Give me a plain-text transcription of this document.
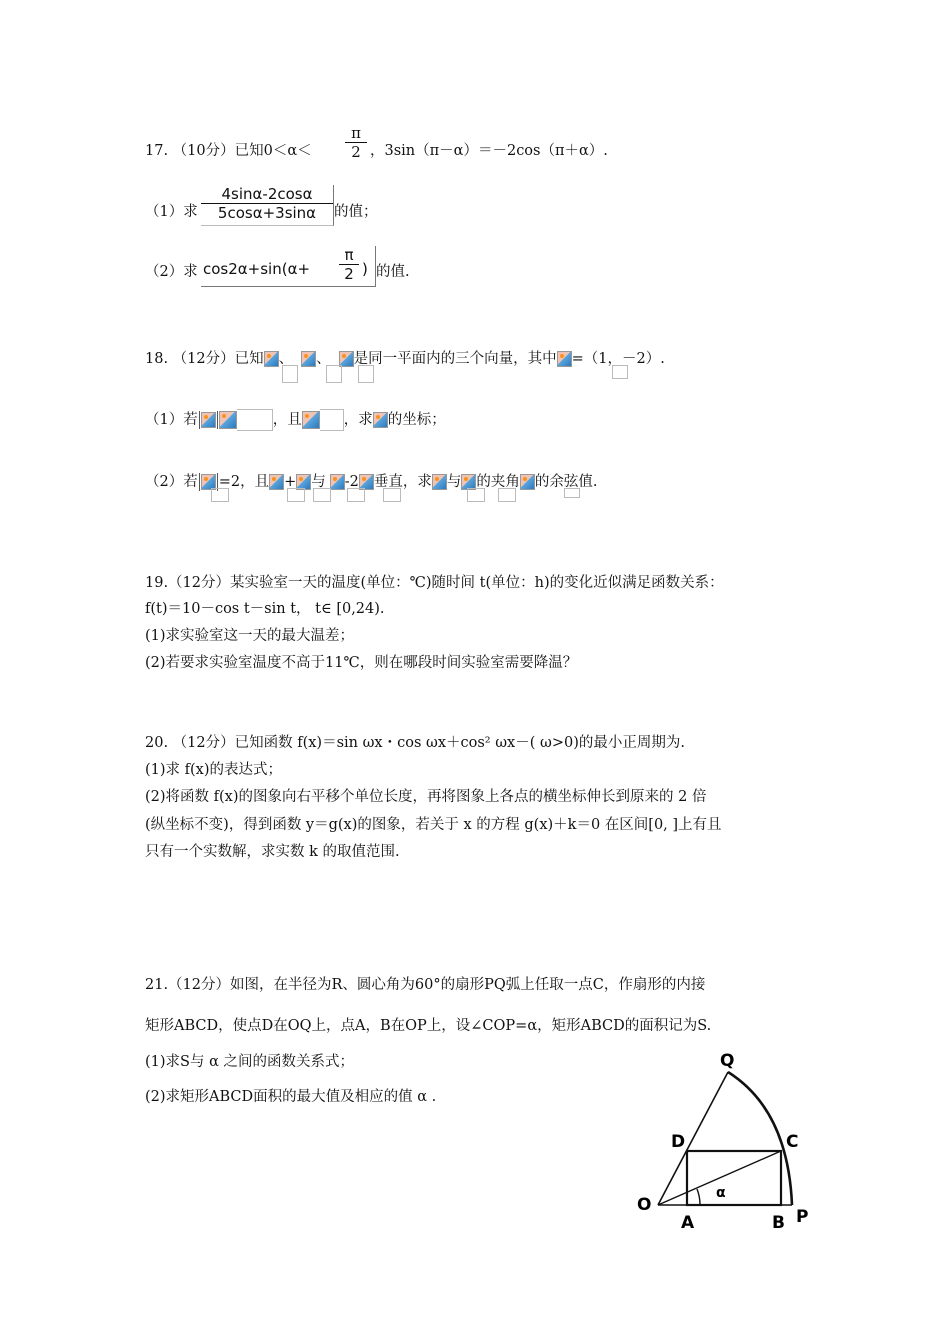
17. （10分）已知$0<\alpha< \frac{\pi}{2}$ ，3sin（π－α）＝－2cos（π＋α）.
（1）求
4sinα-2cosα
5cosα+3sinα	的值；
（2）求 cos2α+sin(α+
π
2 ) 的值.
18. （12分）已知 、 、 是同一平面内的三个向量，其中 =（1，－2）.
（1）若	，且	，求 的坐标；
（2）若 =2，且 + 与 -2 垂直，求 与 的夹角 的余弦值.
19.（12分）某实验室一天的温度(单位：℃)随时间 t(单位：h)的变化近似满足函数关系：
f(t)＝10－cos t－sin t， t∈ [0,24).
(1)求实验室这一天的最大温差；
(2)若要求实验室温度不高于11℃，则在哪段时间实验室需要降温？
20. （12分）已知函数 f(x)＝sin ωx・cos ωx＋cos² ωx－( ω>0)的最小正周期为.
(1)求 f(x)的表达式；
(2)将函数 f(x)的图象向右平移个单位长度，再将图象上各点的横坐标伸长到原来的 2 倍
(纵坐标不变)，得到函数 y＝g(x)的图象，若关于 x 的方程 g(x)＋k＝0 在区间[0, ]上有且
只有一个实数解，求实数 k 的取值范围.
21.（12分）如图，在半径为R、圆心角为60°的扇形PQ弧上任取一点C，作扇形的内接
矩形ABCD，使点D在OQ上，点A，B在OP上，设∠COP=α，矩形ABCD的面积记为S.
(1)求S与 α 之间的函数关系式；
(2)求矩形ABCD面积的最大值及相应的值 α .
α
Q
D	C
O
A	B P
